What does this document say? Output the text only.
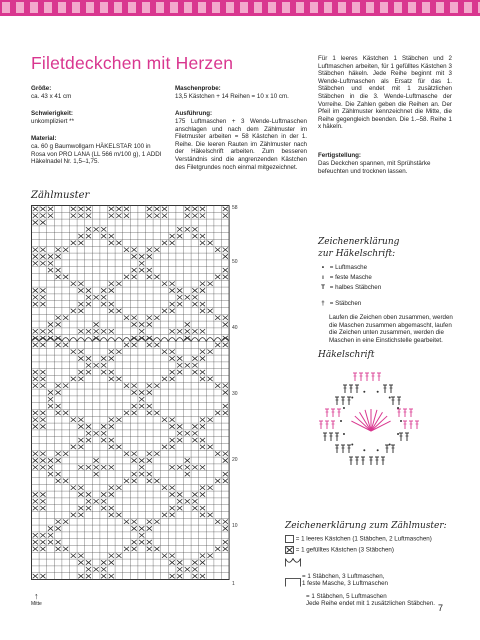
Filetdeckchen mit Herzen
Größe:
ca. 43 x 41 cm
Schwierigkeit:
unkompliziert **
Material:
ca. 60 g Baumwollgarn HÄKELSTAR 100 in Rosa von PRO LANA (LL 566 m/100 g), 1 ADDI Häkelnadel Nr. 1,5–1,75.
Maschenprobe:
13,5 Kästchen + 14 Reihen = 10 x 10 cm.
Ausführung:
175 Luftmaschen + 3 Wende-Luftmaschen anschlagen und nach dem Zählmuster im Filetmuster arbeiten = 58 Kästchen in der 1. Reihe. Die leeren Rauten im Zählmuster nach der Häkelschrift arbeiten. Zum besseren Verständnis sind die angrenzenden Kästchen des Filetgrundes noch einmal mitgezeichnet.
Für 1 leeres Kästchen 1 Stäbchen und 2 Luftmaschen arbeiten, für 1 gefülltes Kästchen 3 Stäbchen häkeln. Jede Reihe beginnt mit 3 Wende-Luftmaschen als Ersatz für das 1. Stäbchen und endet mit 1 zusätzlichen Stäbchen in die 3. Wende-Luftmasche der Vorreihe. Die Zahlen geben die Reihen an. Der Pfeil im Zählmuster kennzeichnet die Mitte, die Reihe gegengleich beenden. Die 1.–58. Reihe 1 x häkeln.
Fertigstellung:
Das Deckchen spannen, mit Sprühstärke befeuchten und trocknen lassen.
Zählmuster
58
50
40
30
20
10
1
↑
Mitte
Zeichenerklärung
zur Häkelschrift:
• = Luftmasche
ı = feste Masche
T = halbes Stäbchen
† = Stäbchen
Laufen die Zeichen oben zusammen, werden die Maschen zusammen abgemascht, laufen die Zeichen unten zusammen, werden die Maschen in eine Einstichstelle gearbeitet.
Häkelschrift
Zeichenerklärung zum Zählmuster:
= 1 leeres Kästchen (1 Stäbchen, 2 Luftmaschen)
= 1 gefülltes Kästchen (3 Stäbchen)

= 1 Stäbchen, 3 Luftmaschen,
1 feste Masche, 3 Luftmaschen

= 1 Stäbchen, 5 Luftmaschen
Jede Reihe endet mit 1 zusätzlichen Stäbchen. 7
